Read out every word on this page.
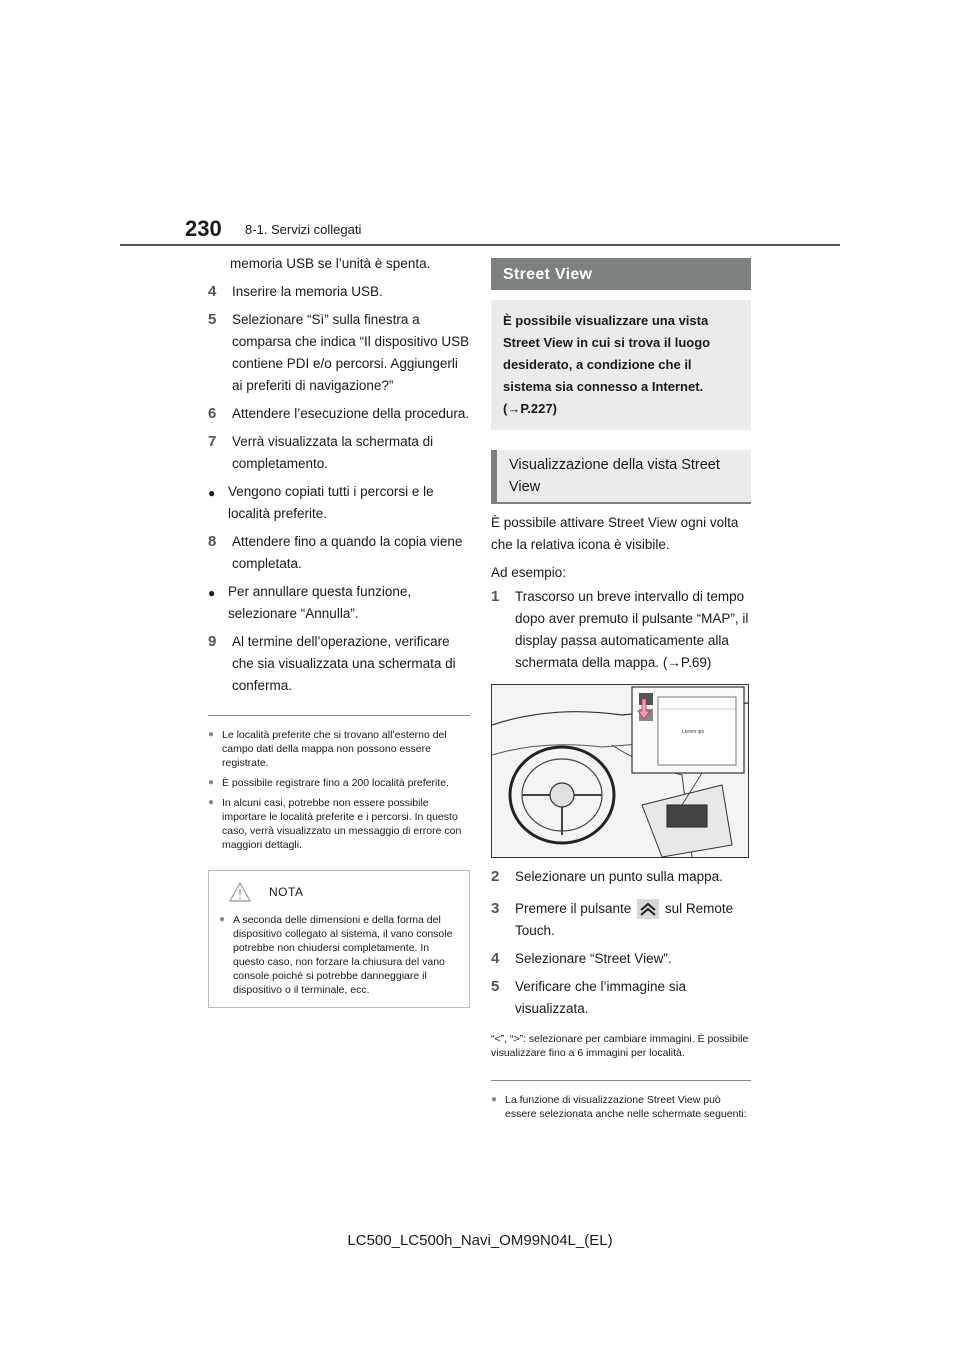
230 8-1. Servizi collegati
memoria USB se l’unità è spenta.
4	Inserire la memoria USB.
5	Selezionare “Sì” sulla finestra a comparsa che indica “Il dispositivo USB contiene PDI e/o percorsi. Aggiungerli ai preferiti di navigazione?”
6	Attendere l’esecuzione della procedura.
7	Verrà visualizzata la schermata di completamento.
● Vengono copiati tutti i percorsi e le località preferite.
8	Attendere fino a quando la copia viene completata.
● Per annullare questa funzione, selezionare “Annulla”.
9	Al termine dell’operazione, verificare che sia visualizzata una schermata di conferma.
● Le località preferite che si trovano all’esterno del campo dati della mappa non possono essere registrate.
● È possibile registrare fino a 200 località preferite.
● In alcuni casi, potrebbe non essere possibile importare le località preferite e i percorsi. In questo caso, verrà visualizzato un messaggio di errore con maggiori dettagli.
NOTA
● A seconda delle dimensioni e della forma del dispositivo collegato al sistema, il vano console potrebbe non chiudersi completamente. In questo caso, non forzare la chiusura del vano console poiché si potrebbe danneggiare il dispositivo o il terminale, ecc.
Street View
È possibile visualizzare una vista Street View in cui si trova il luogo desiderato, a condizione che il sistema sia connesso a Internet. (→P.227)
Visualizzazione della vista Street View
È possibile attivare Street View ogni volta che la relativa icona è visibile.
Ad esempio:
1	Trascorso un breve intervallo di tempo dopo aver premuto il pulsante “MAP”, il display passa automaticamente alla schermata della mappa. (→P.69)
Lorem ips
2	Selezionare un punto sulla mappa.
3	Premere il pulsante sul Remote Touch.
4	Selezionare “Street View”.
5	Verificare che l’immagine sia visualizzata.
“<”, “>”: selezionare per cambiare immagini. È possibile visualizzare fino a 6 immagini per località.
● La funzione di visualizzazione Street View può essere selezionata anche nelle schermate seguenti:
LC500_LC500h_Navi_OM99N04L_(EL)
